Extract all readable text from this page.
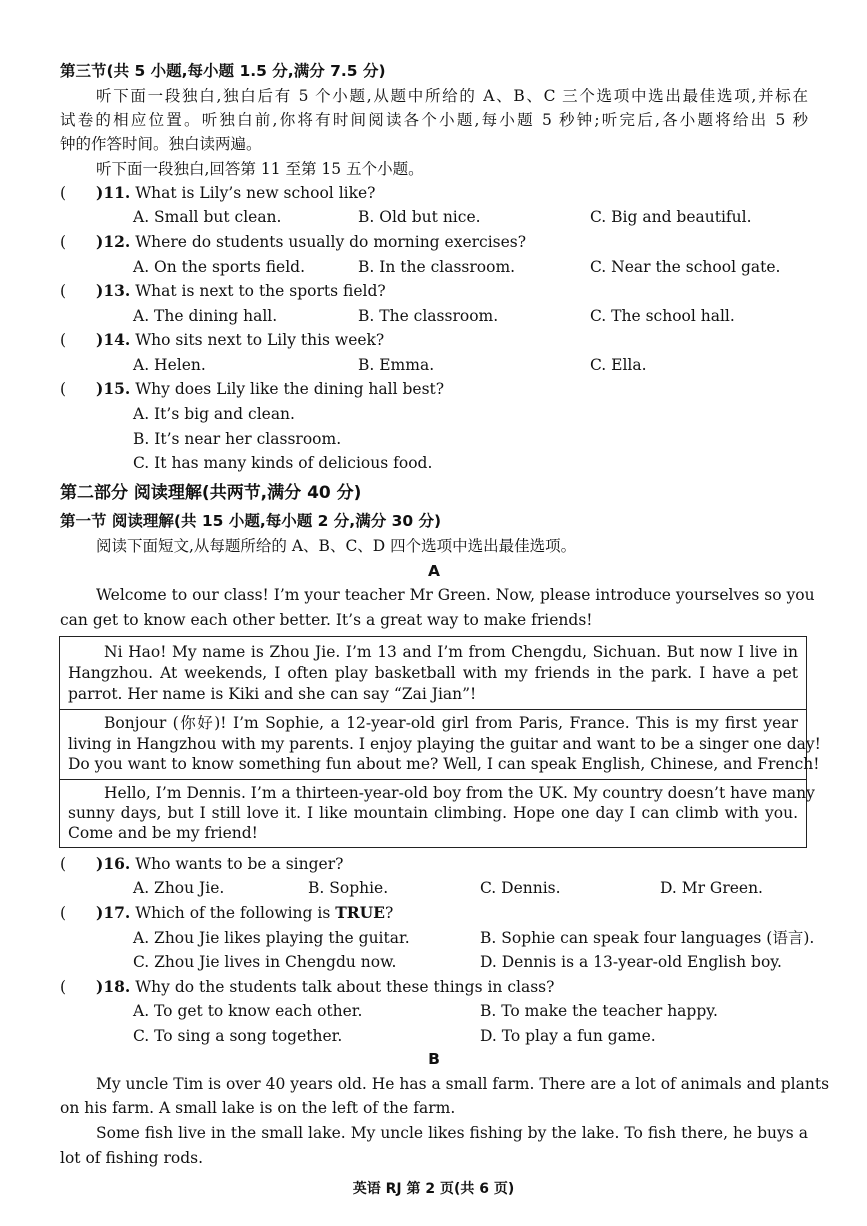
第三节(共 5 小题,每小题 1.5 分,满分 7.5 分)
听下面一段独白,独白后有 5 个小题,从题中所给的 A、B、C 三个选项中选出最佳选项,并标在
试卷的相应位置。听独白前,你将有时间阅读各个小题,每小题 5 秒钟;听完后,各小题将给出 5 秒
钟的作答时间。独白读两遍。
听下面一段独白,回答第 11 至第 15 五个小题。
(	)11. What is Lily’s new school like?
A. Small but clean.	B. Old but nice.	C. Big and beautiful.
(	)12. Where do students usually do morning exercises?
A. On the sports field.	B. In the classroom.	C. Near the school gate.
(	)13. What is next to the sports field?
A. The dining hall.	B. The classroom.	C. The school hall.
(	)14. Who sits next to Lily this week?
A. Helen.	B. Emma.	C. Ella.
(	)15. Why does Lily like the dining hall best?
A. It’s big and clean.
B. It’s near her classroom.
C. It has many kinds of delicious food.
第二部分 阅读理解(共两节,满分 40 分)
第一节 阅读理解(共 15 小题,每小题 2 分,满分 30 分)
阅读下面短文,从每题所给的 A、B、C、D 四个选项中选出最佳选项。
A
Welcome to our class! I’m your teacher Mr Green. Now, please introduce yourselves so you
can get to know each other better. It’s a great way to make friends!
Ni Hao! My name is Zhou Jie. I’m 13 and I’m from Chengdu, Sichuan. But now I live in
Hangzhou. At weekends, I often play basketball with my friends in the park. I have a pet
parrot. Her name is Kiki and she can say “Zai Jian”!
Bonjour (你好)! I’m Sophie, a 12-year-old girl from Paris, France. This is my first year
living in Hangzhou with my parents. I enjoy playing the guitar and want to be a singer one day!
Do you want to know something fun about me? Well, I can speak English, Chinese, and French!
Hello, I’m Dennis. I’m a thirteen-year-old boy from the UK. My country doesn’t have many
sunny days, but I still love it. I like mountain climbing. Hope one day I can climb with you.
Come and be my friend!
(	)16. Who wants to be a singer?
A. Zhou Jie.	B. Sophie.	C. Dennis.	D. Mr Green.
(	)17. Which of the following is TRUE?
A. Zhou Jie likes playing the guitar.	B. Sophie can speak four languages (语言).
C. Zhou Jie lives in Chengdu now.	D. Dennis is a 13-year-old English boy.
(	)18. Why do the students talk about these things in class?
A. To get to know each other.	B. To make the teacher happy.
C. To sing a song together.	D. To play a fun game.
B
My uncle Tim is over 40 years old. He has a small farm. There are a lot of animals and plants
on his farm. A small lake is on the left of the farm.
Some fish live in the small lake. My uncle likes fishing by the lake. To fish there, he buys a
lot of fishing rods.
英语 RJ 第 2 页(共 6 页)
